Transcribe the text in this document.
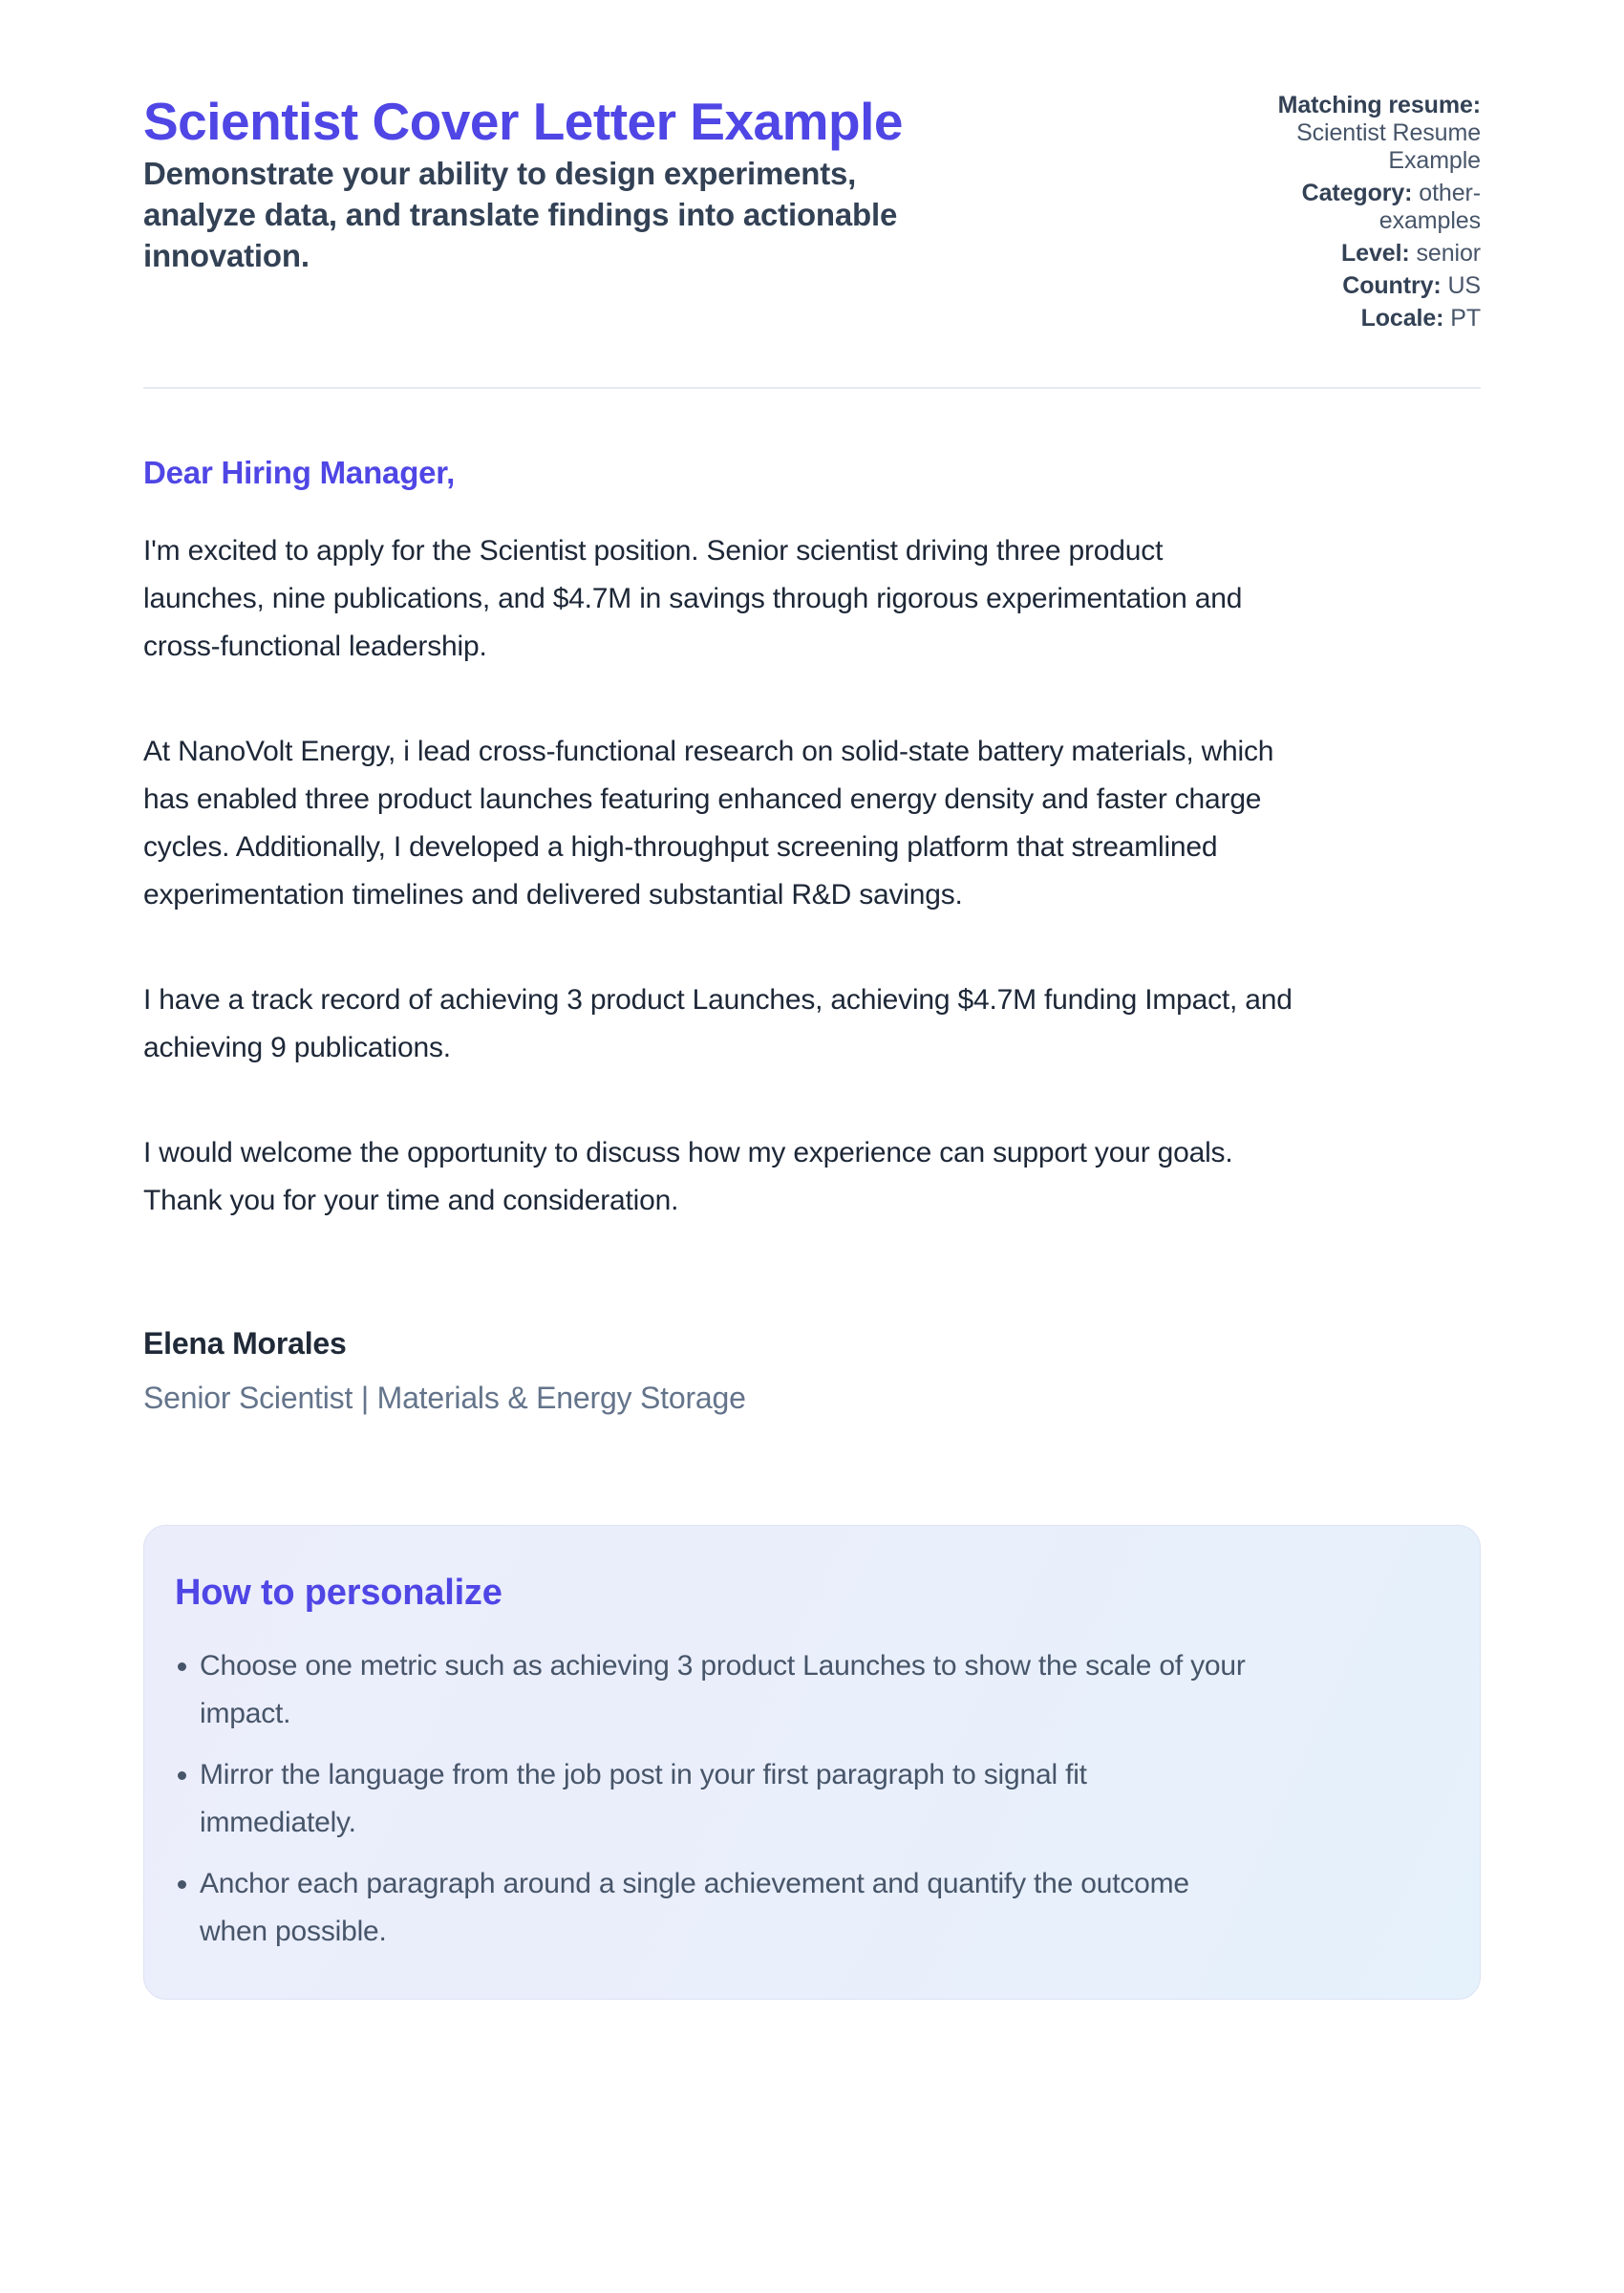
Scientist Cover Letter Example
Demonstrate your ability to design experiments,
analyze data, and translate findings into actionable
innovation.
Matching resume: Scientist Resume Example
Category: other-examples
Level: senior
Country: US
Locale: PT
Dear Hiring Manager,

I'm excited to apply for the Scientist position. Senior scientist driving three product
launches, nine publications, and $4.7M in savings through rigorous experimentation and
cross-functional leadership.

At NanoVolt Energy, i lead cross-functional research on solid-state battery materials, which
has enabled three product launches featuring enhanced energy density and faster charge
cycles. Additionally, I developed a high-throughput screening platform that streamlined
experimentation timelines and delivered substantial R&D savings.

I have a track record of achieving 3 product Launches, achieving $4.7M funding Impact, and
achieving 9 publications.

I would welcome the opportunity to discuss how my experience can support your goals.
Thank you for your time and consideration.

Elena Morales
Senior Scientist | Materials & Energy Storage
How to personalize
Choose one metric such as achieving 3 product Launches to show the scale of your
impact.
Mirror the language from the job post in your first paragraph to signal fit
immediately.
Anchor each paragraph around a single achievement and quantify the outcome
when possible.
